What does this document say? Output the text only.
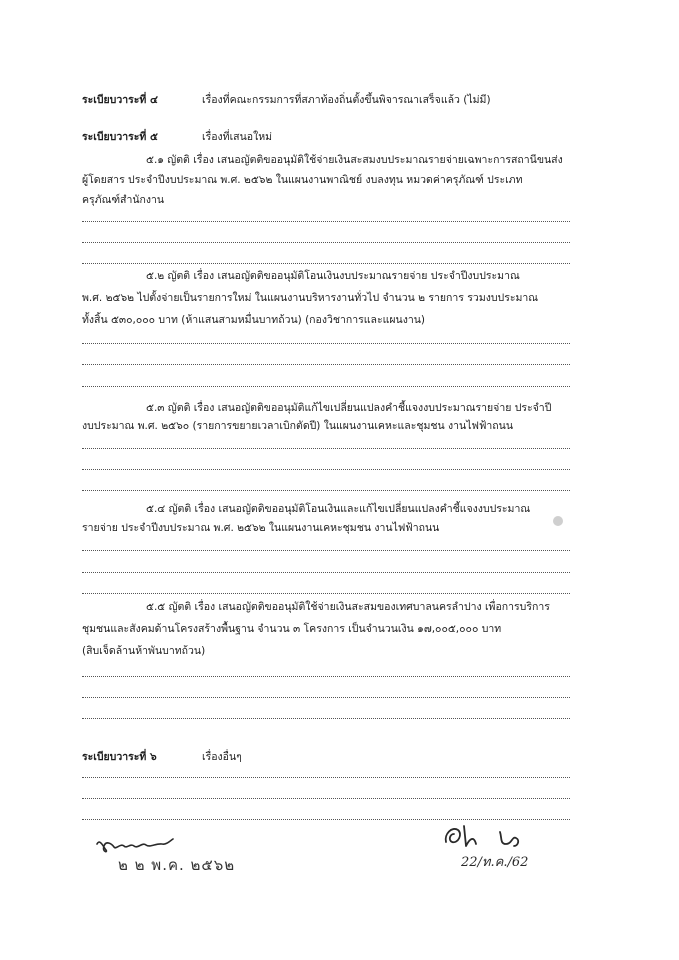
ระเบียบวาระที่ ๔	เรื่องที่คณะกรรมการที่สภาท้องถิ่นตั้งขึ้นพิจารณาเสร็จแล้ว (ไม่มี)
ระเบียบวาระที่ ๕	เรื่องที่เสนอใหม่
๕.๑ ญัตติ เรื่อง เสนอญัตติขออนุมัติใช้จ่ายเงินสะสมงบประมาณรายจ่ายเฉพาะการสถานีขนส่ง
ผู้โดยสาร ประจำปีงบประมาณ พ.ศ. ๒๕๖๒ ในแผนงานพาณิชย์ งบลงทุน หมวดค่าครุภัณฑ์ ประเภท
ครุภัณฑ์สำนักงาน
๕.๒ ญัตติ เรื่อง เสนอญัตติขออนุมัติโอนเงินงบประมาณรายจ่าย ประจำปีงบประมาณ
พ.ศ. ๒๕๖๒ ไปตั้งจ่ายเป็นรายการใหม่ ในแผนงานบริหารงานทั่วไป จำนวน ๒ รายการ รวมงบประมาณ
ทั้งสิ้น ๕๓๐,๐๐๐ บาท (ห้าแสนสามหมื่นบาทถ้วน) (กองวิชาการและแผนงาน)
๕.๓ ญัตติ เรื่อง เสนอญัตติขออนุมัติแก้ไขเปลี่ยนแปลงคำชี้แจงงบประมาณรายจ่าย ประจำปี
งบประมาณ พ.ศ. ๒๕๖๐ (รายการขยายเวลาเบิกตัดปี) ในแผนงานเคหะและชุมชน งานไฟฟ้าถนน
๕.๔ ญัตติ เรื่อง เสนอญัตติขออนุมัติโอนเงินและแก้ไขเปลี่ยนแปลงคำชี้แจงงบประมาณ
รายจ่าย ประจำปีงบประมาณ พ.ศ. ๒๕๖๒ ในแผนงานเคหะชุมชน งานไฟฟ้าถนน
๕.๕ ญัตติ เรื่อง เสนอญัตติขออนุมัติใช้จ่ายเงินสะสมของเทศบาลนครลำปาง เพื่อการบริการ
ชุมชนและสังคมด้านโครงสร้างพื้นฐาน จำนวน ๓ โครงการ เป็นจำนวนเงิน ๑๗,๐๐๕,๐๐๐ บาท
(สิบเจ็ดล้านห้าพันบาทถ้วน)
ระเบียบวาระที่ ๖	เรื่องอื่นๆ
๒ ๒ พ.ค. ๒๕๖๒	22/ท.ค./62
